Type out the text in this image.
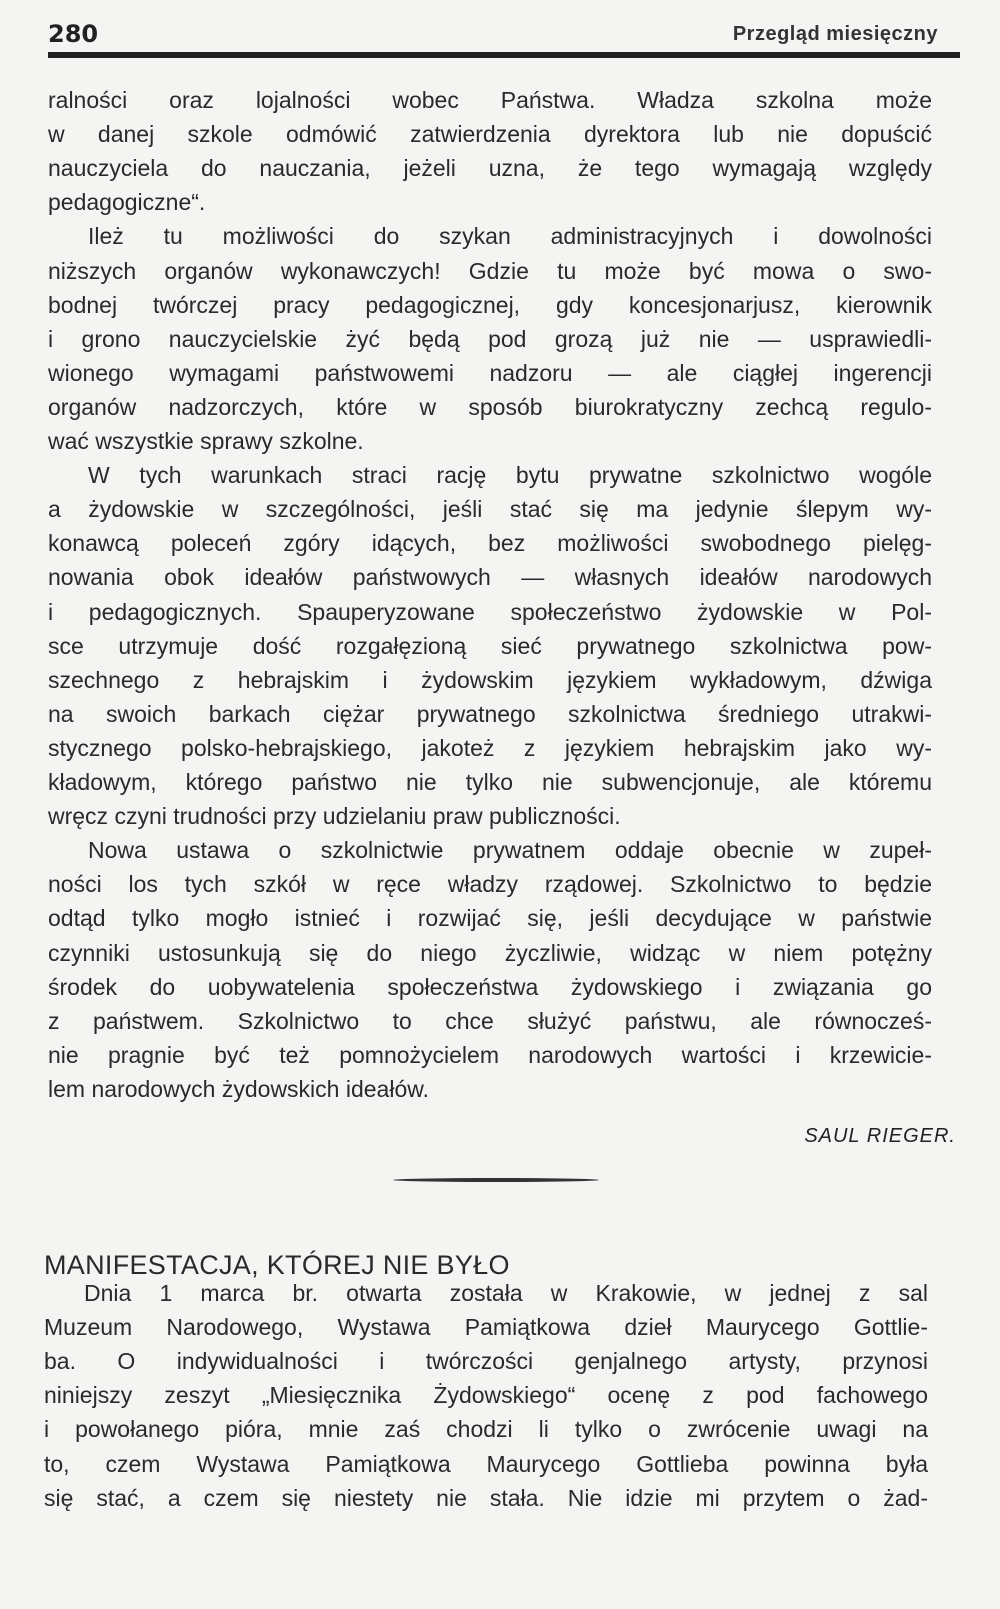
280	Przegląd miesięczny
ralności oraz lojalności wobec Państwa. Władza szkolna może
w danej szkole odmówić zatwierdzenia dyrektora lub nie dopuścić
nauczyciela do nauczania, jeżeli uzna, że tego wymagają względy
pedagogiczne“.
Ileż tu możliwości do szykan administracyjnych i dowolności
niższych organów wykonawczych! Gdzie tu może być mowa o swo-
bodnej twórczej pracy pedagogicznej, gdy koncesjonarjusz, kierownik
i grono nauczycielskie żyć będą pod grozą już nie — usprawiedli-
wionego wymagami państwowemi nadzoru — ale ciągłej ingerencji
organów nadzorczych, które w sposób biurokratyczny zechcą regulo-
wać wszystkie sprawy szkolne.
W tych warunkach straci rację bytu prywatne szkolnictwo wogóle
a żydowskie w szczególności, jeśli stać się ma jedynie ślepym wy-
konawcą poleceń zgóry idących, bez możliwości swobodnego pielęg-
nowania obok ideałów państwowych — własnych ideałów narodowych
i pedagogicznych. Spauperyzowane społeczeństwo żydowskie w Pol-
sce utrzymuje dość rozgałęzioną sieć prywatnego szkolnictwa pow-
szechnego z hebrajskim i żydowskim językiem wykładowym, dźwiga
na swoich barkach ciężar prywatnego szkolnictwa średniego utrakwi-
stycznego polsko-hebrajskiego, jakoteż z językiem hebrajskim jako wy-
kładowym, którego państwo nie tylko nie subwencjonuje, ale któremu
wręcz czyni trudności przy udzielaniu praw publiczności.
Nowa ustawa o szkolnictwie prywatnem oddaje obecnie w zupeł-
ności los tych szkół w ręce władzy rządowej. Szkolnictwo to będzie
odtąd tylko mogło istnieć i rozwijać się, jeśli decydujące w państwie
czynniki ustosunkują się do niego życzliwie, widząc w niem potężny
środek do uobywatelenia społeczeństwa żydowskiego i związania go
z państwem. Szkolnictwo to chce służyć państwu, ale równocześ-
nie pragnie być też pomnożycielem narodowych wartości i krzewicie-
lem narodowych żydowskich ideałów.
SAUL RIEGER.
MANIFESTACJA, KTÓREJ NIE BYŁO
Dnia 1 marca br. otwarta została w Krakowie, w jednej z sal
Muzeum Narodowego, Wystawa Pamiątkowa dzieł Maurycego Gottlie-
ba. O indywidualności i twórczości genjalnego artysty, przynosi
niniejszy zeszyt „Miesięcznika Żydowskiego“ ocenę z pod fachowego
i powołanego pióra, mnie zaś chodzi li tylko o zwrócenie uwagi na
to, czem Wystawa Pamiątkowa Maurycego Gottlieba powinna była
się stać, a czem się niestety nie stała. Nie idzie mi przytem o żad-
